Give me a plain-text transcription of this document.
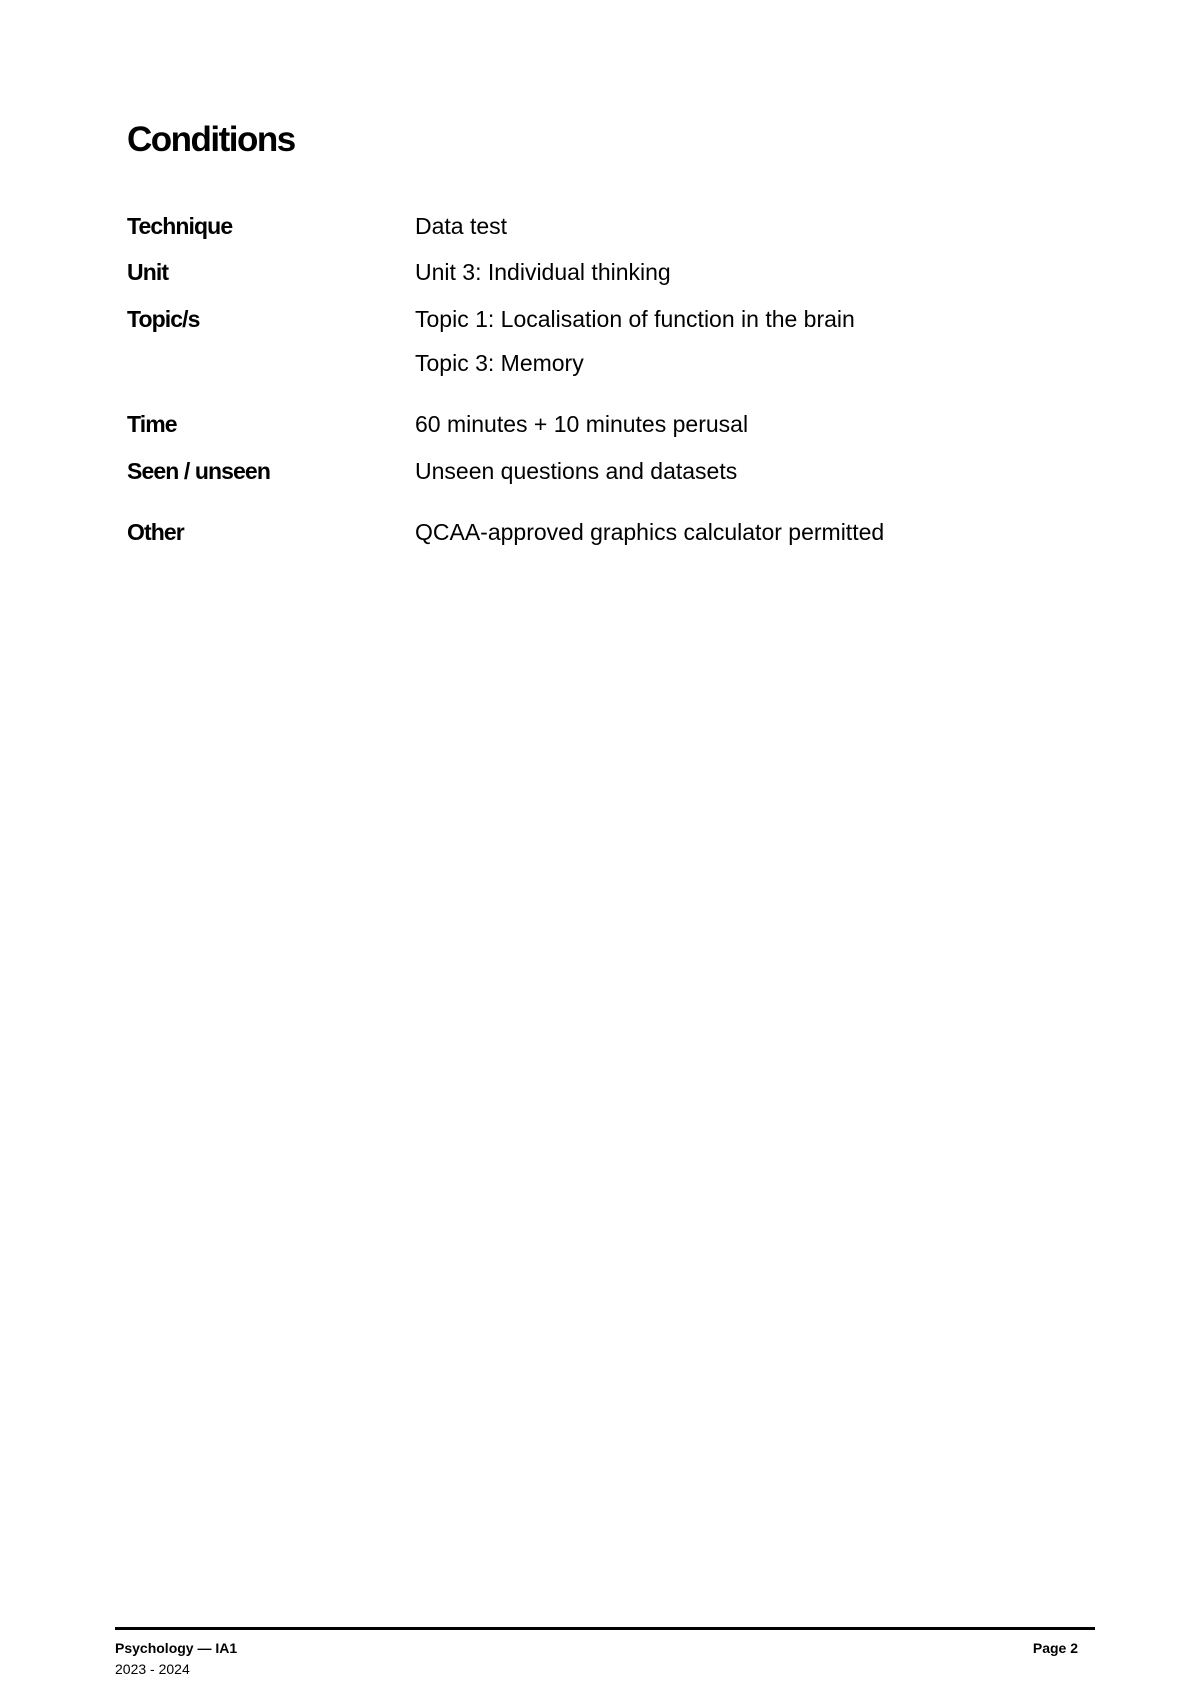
Conditions
Technique	Data test
Unit	Unit 3: Individual thinking
Topic/s	Topic 1: Localisation of function in the brain
Topic 3: Memory
Time	60 minutes + 10 minutes perusal
Seen / unseen	Unseen questions and datasets
Other	QCAA-approved graphics calculator permitted
Psychology — IA1
2023 - 2024
Page 2
